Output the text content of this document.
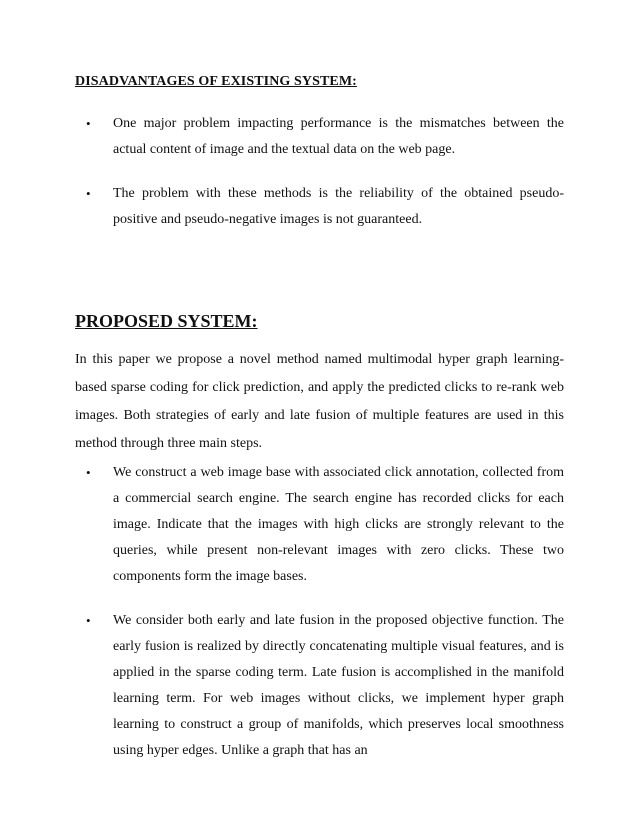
DISADVANTAGES OF EXISTING SYSTEM:
•	One major problem impacting performance is the mismatches between the actual content of image and the textual data on the web page.
•	The problem with these methods is the reliability of the obtained pseudo-positive and pseudo-negative images is not guaranteed.
PROPOSED SYSTEM:
In this paper we propose a novel method named multimodal hyper graph learning-based sparse coding for click prediction, and apply the predicted clicks to re-rank web images. Both strategies of early and late fusion of multiple features are used in this method through three main steps.
•	We construct a web image base with associated click annotation, collected from a commercial search engine. The search engine has recorded clicks for each image. Indicate that the images with high clicks are strongly relevant to the queries, while present non-relevant images with zero clicks. These two components form the image bases.
•	We consider both early and late fusion in the proposed objective function. The early fusion is realized by directly concatenating multiple visual features, and is applied in the sparse coding term. Late fusion is accomplished in the manifold learning term. For web images without clicks, we implement hyper graph learning to construct a group of manifolds, which preserves local smoothness using hyper edges. Unlike a graph that has an
